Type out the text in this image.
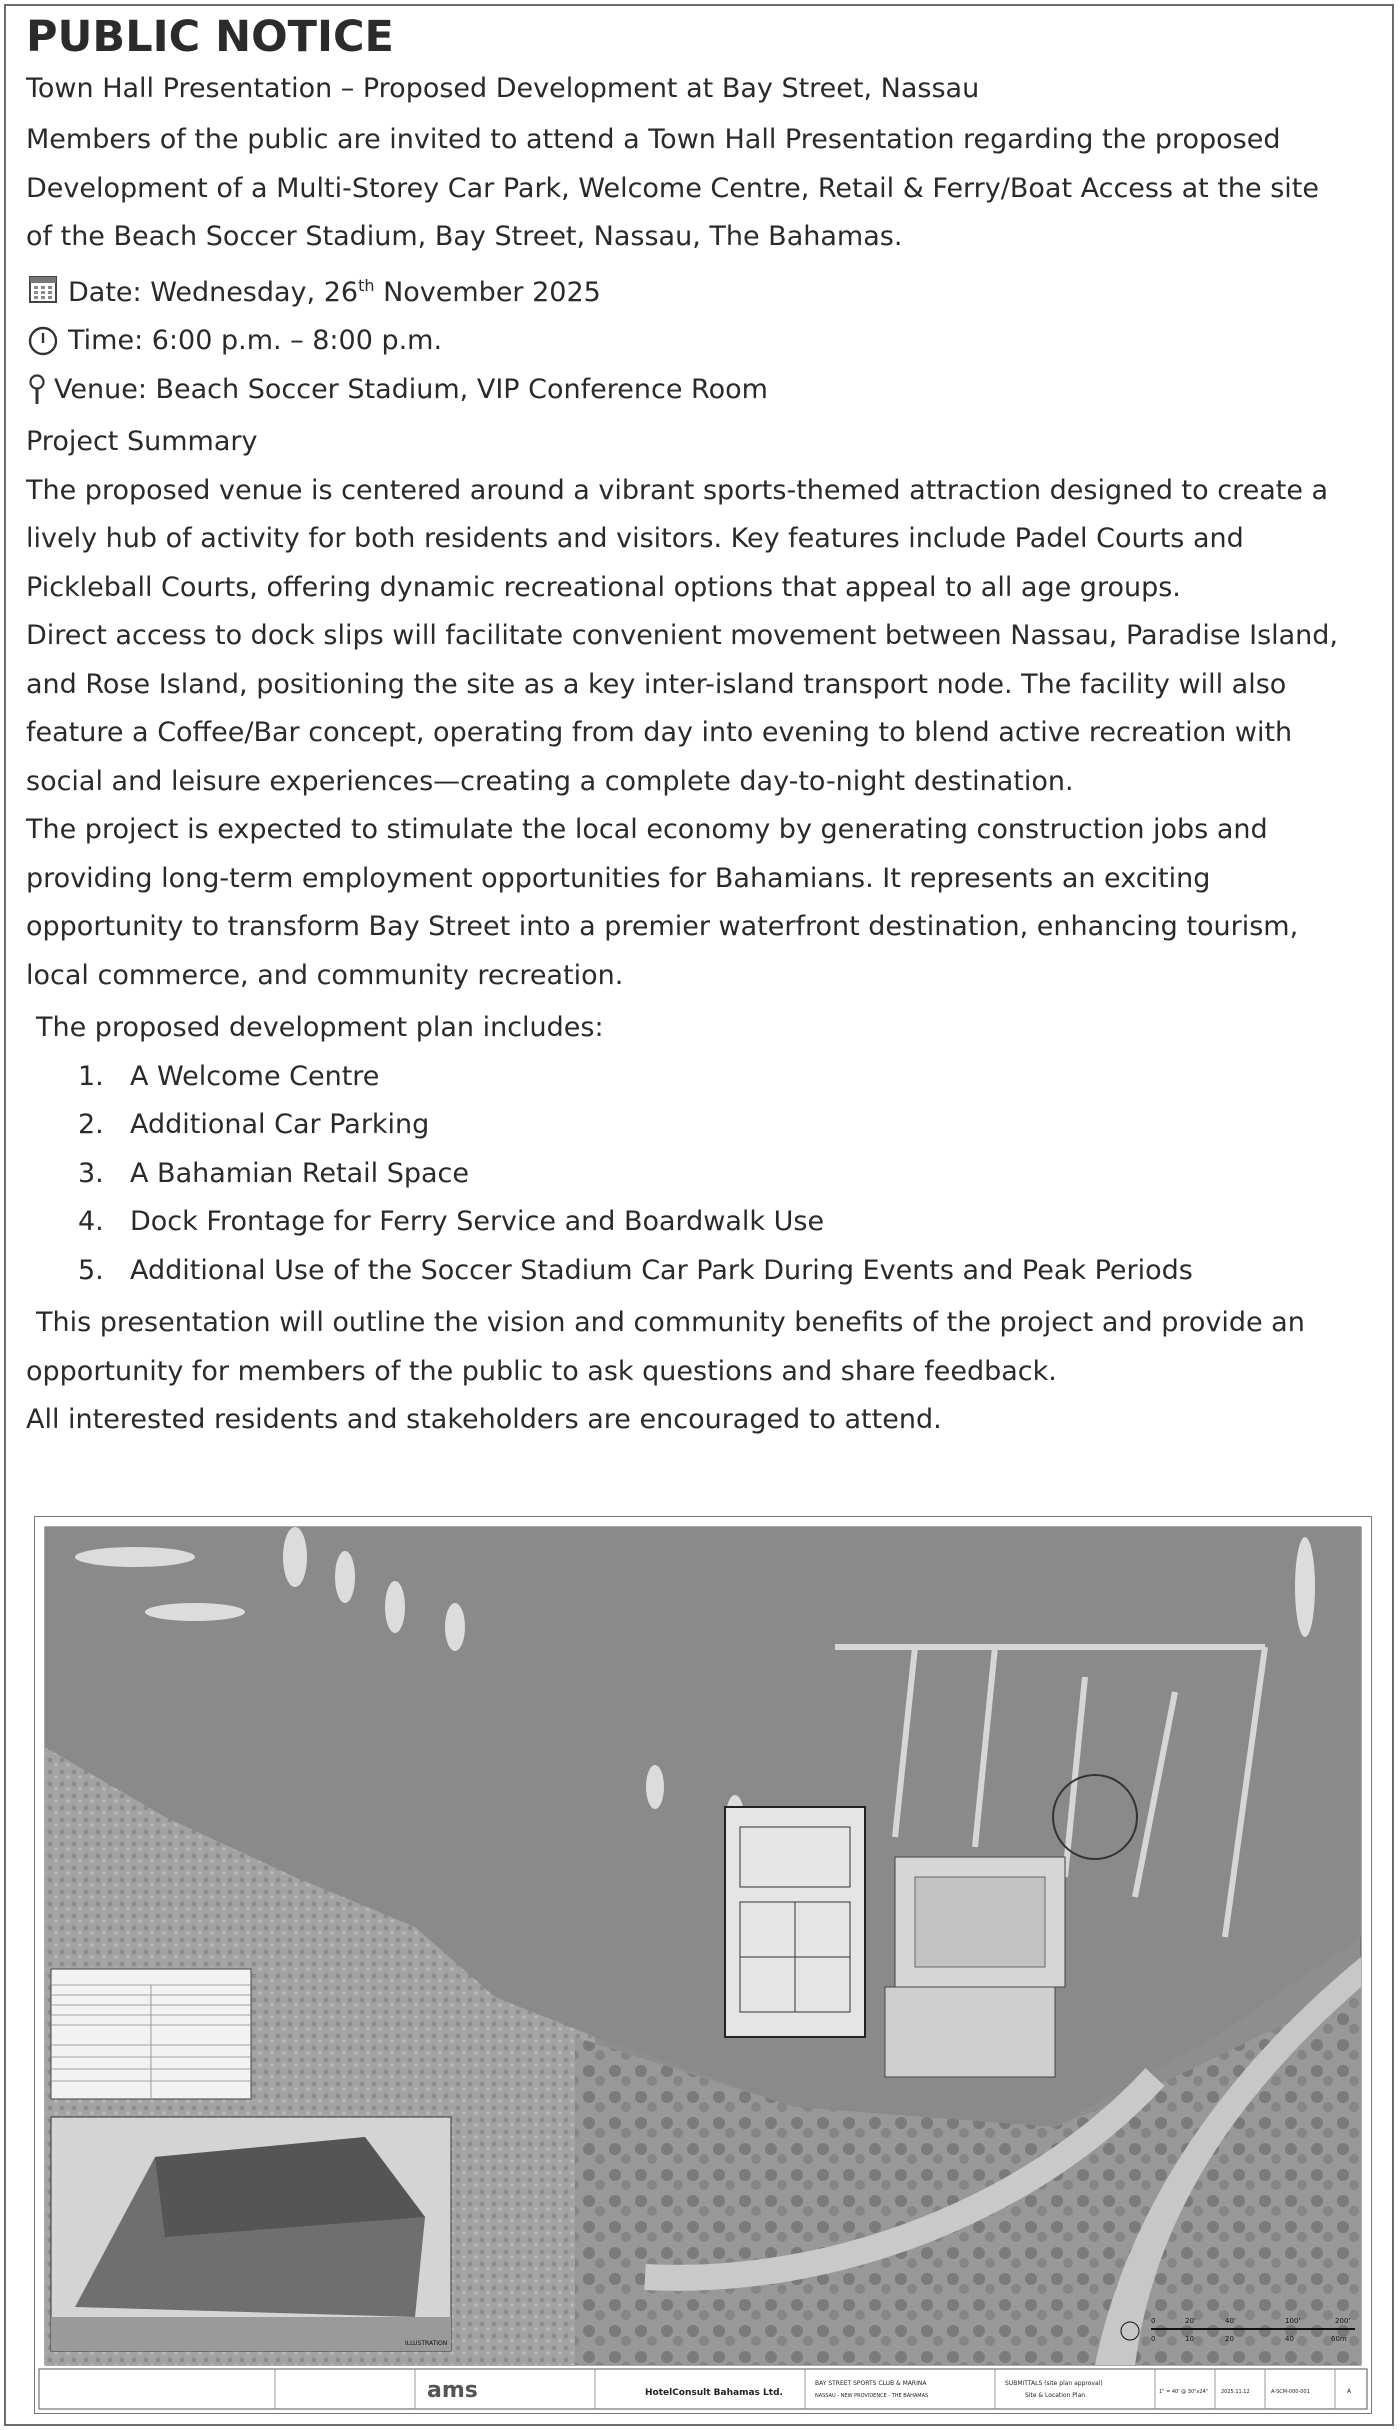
PUBLIC NOTICE

Town Hall Presentation – Proposed Development at Bay Street, Nassau

Members of the public are invited to attend a Town Hall Presentation regarding the proposed

Development of a Multi-Storey Car Park, Welcome Centre, Retail & Ferry/Boat Access at the site

of the Beach Soccer Stadium, Bay Street, Nassau, The Bahamas.

Date: Wednesday, 26th November 2025
Time: 6:00 p.m. – 8:00 p.m.
Venue: Beach Soccer Stadium, VIP Conference Room
Project Summary

The proposed venue is centered around a vibrant sports-themed attraction designed to create a

lively hub of activity for both residents and visitors. Key features include Padel Courts and

Pickleball Courts, offering dynamic recreational options that appeal to all age groups.

Direct access to dock slips will facilitate convenient movement between Nassau, Paradise Island,

and Rose Island, positioning the site as a key inter-island transport node. The facility will also

feature a Coffee/Bar concept, operating from day into evening to blend active recreation with

social and leisure experiences—creating a complete day-to-night destination.

The project is expected to stimulate the local economy by generating construction jobs and

providing long-term employment opportunities for Bahamians. It represents an exciting

opportunity to transform Bay Street into a premier waterfront destination, enhancing tourism,

local commerce, and community recreation.

The proposed development plan includes:
1. A Welcome Centre
2. Additional Car Parking
3. A Bahamian Retail Space
4. Dock Frontage for Ferry Service and Boardwalk Use
5. Additional Use of the Soccer Stadium Car Park During Events and Peak Periods

This presentation will outline the vision and community benefits of the project and provide an

opportunity for members of the public to ask questions and share feedback.

All interested residents and stakeholders are encouraged to attend.

ILLUSTRATION
0	20'	40'	100'	200'
0	10	20	40	60m
ams	HotelConsult Bahamas Ltd.
BAY STREET SPORTS CLUB & MARINA
NASSAU - NEW PROVIDENCE - THE BAHAMAS
SUBMITTALS (site plan approval)
Site & Location Plan	1" = 40' @ 30"x24"	2025.11.12	A-SCM-000-001	A
